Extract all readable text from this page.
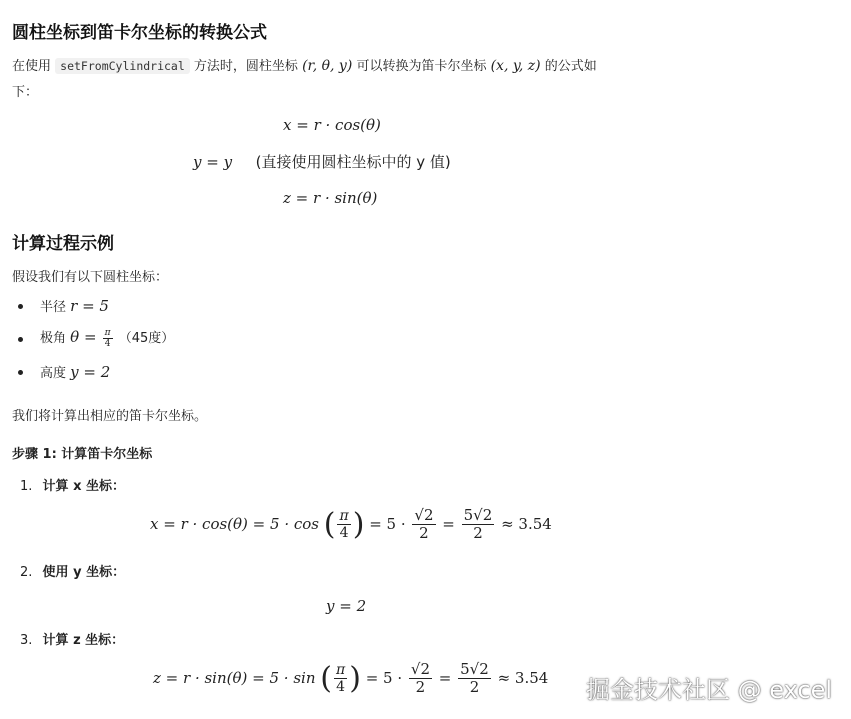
圆柱坐标到笛卡尔坐标的转换公式
在使用 setFromCylindrical 方法时，圆柱坐标 (r, θ, y) 可以转换为笛卡尔坐标 (x, y, z) 的公式如
下：
x = r · cos(θ)
y = y (直接使用圆柱坐标中的 y 值)
z = r · sin(θ)
计算过程示例
假设我们有以下圆柱坐标：
半径 r = 5
极角 $\theta = \frac{\pi}{4} (45$度）
高度 y = 2
我们将计算出相应的笛卡尔坐标。
步骤 1: 计算笛卡尔坐标
1. 计算 x 坐标：
x = r · cos(θ) = 5 · cos ( $\frac{\pi}{4}$ ) = $5 \cdot \frac{√2}{2} = \frac{5√2}{2} \approx 3.54$
2. 使用 y 坐标：
y = 2
3. 计算 z 坐标：
z = r · sin(θ) = 5 · sin ( $\frac{\pi}{4}$ ) = $5 \cdot \frac{√2}{2} = \frac{5√2}{2} \approx 3.54$ 掘金技术社区 @ excel
